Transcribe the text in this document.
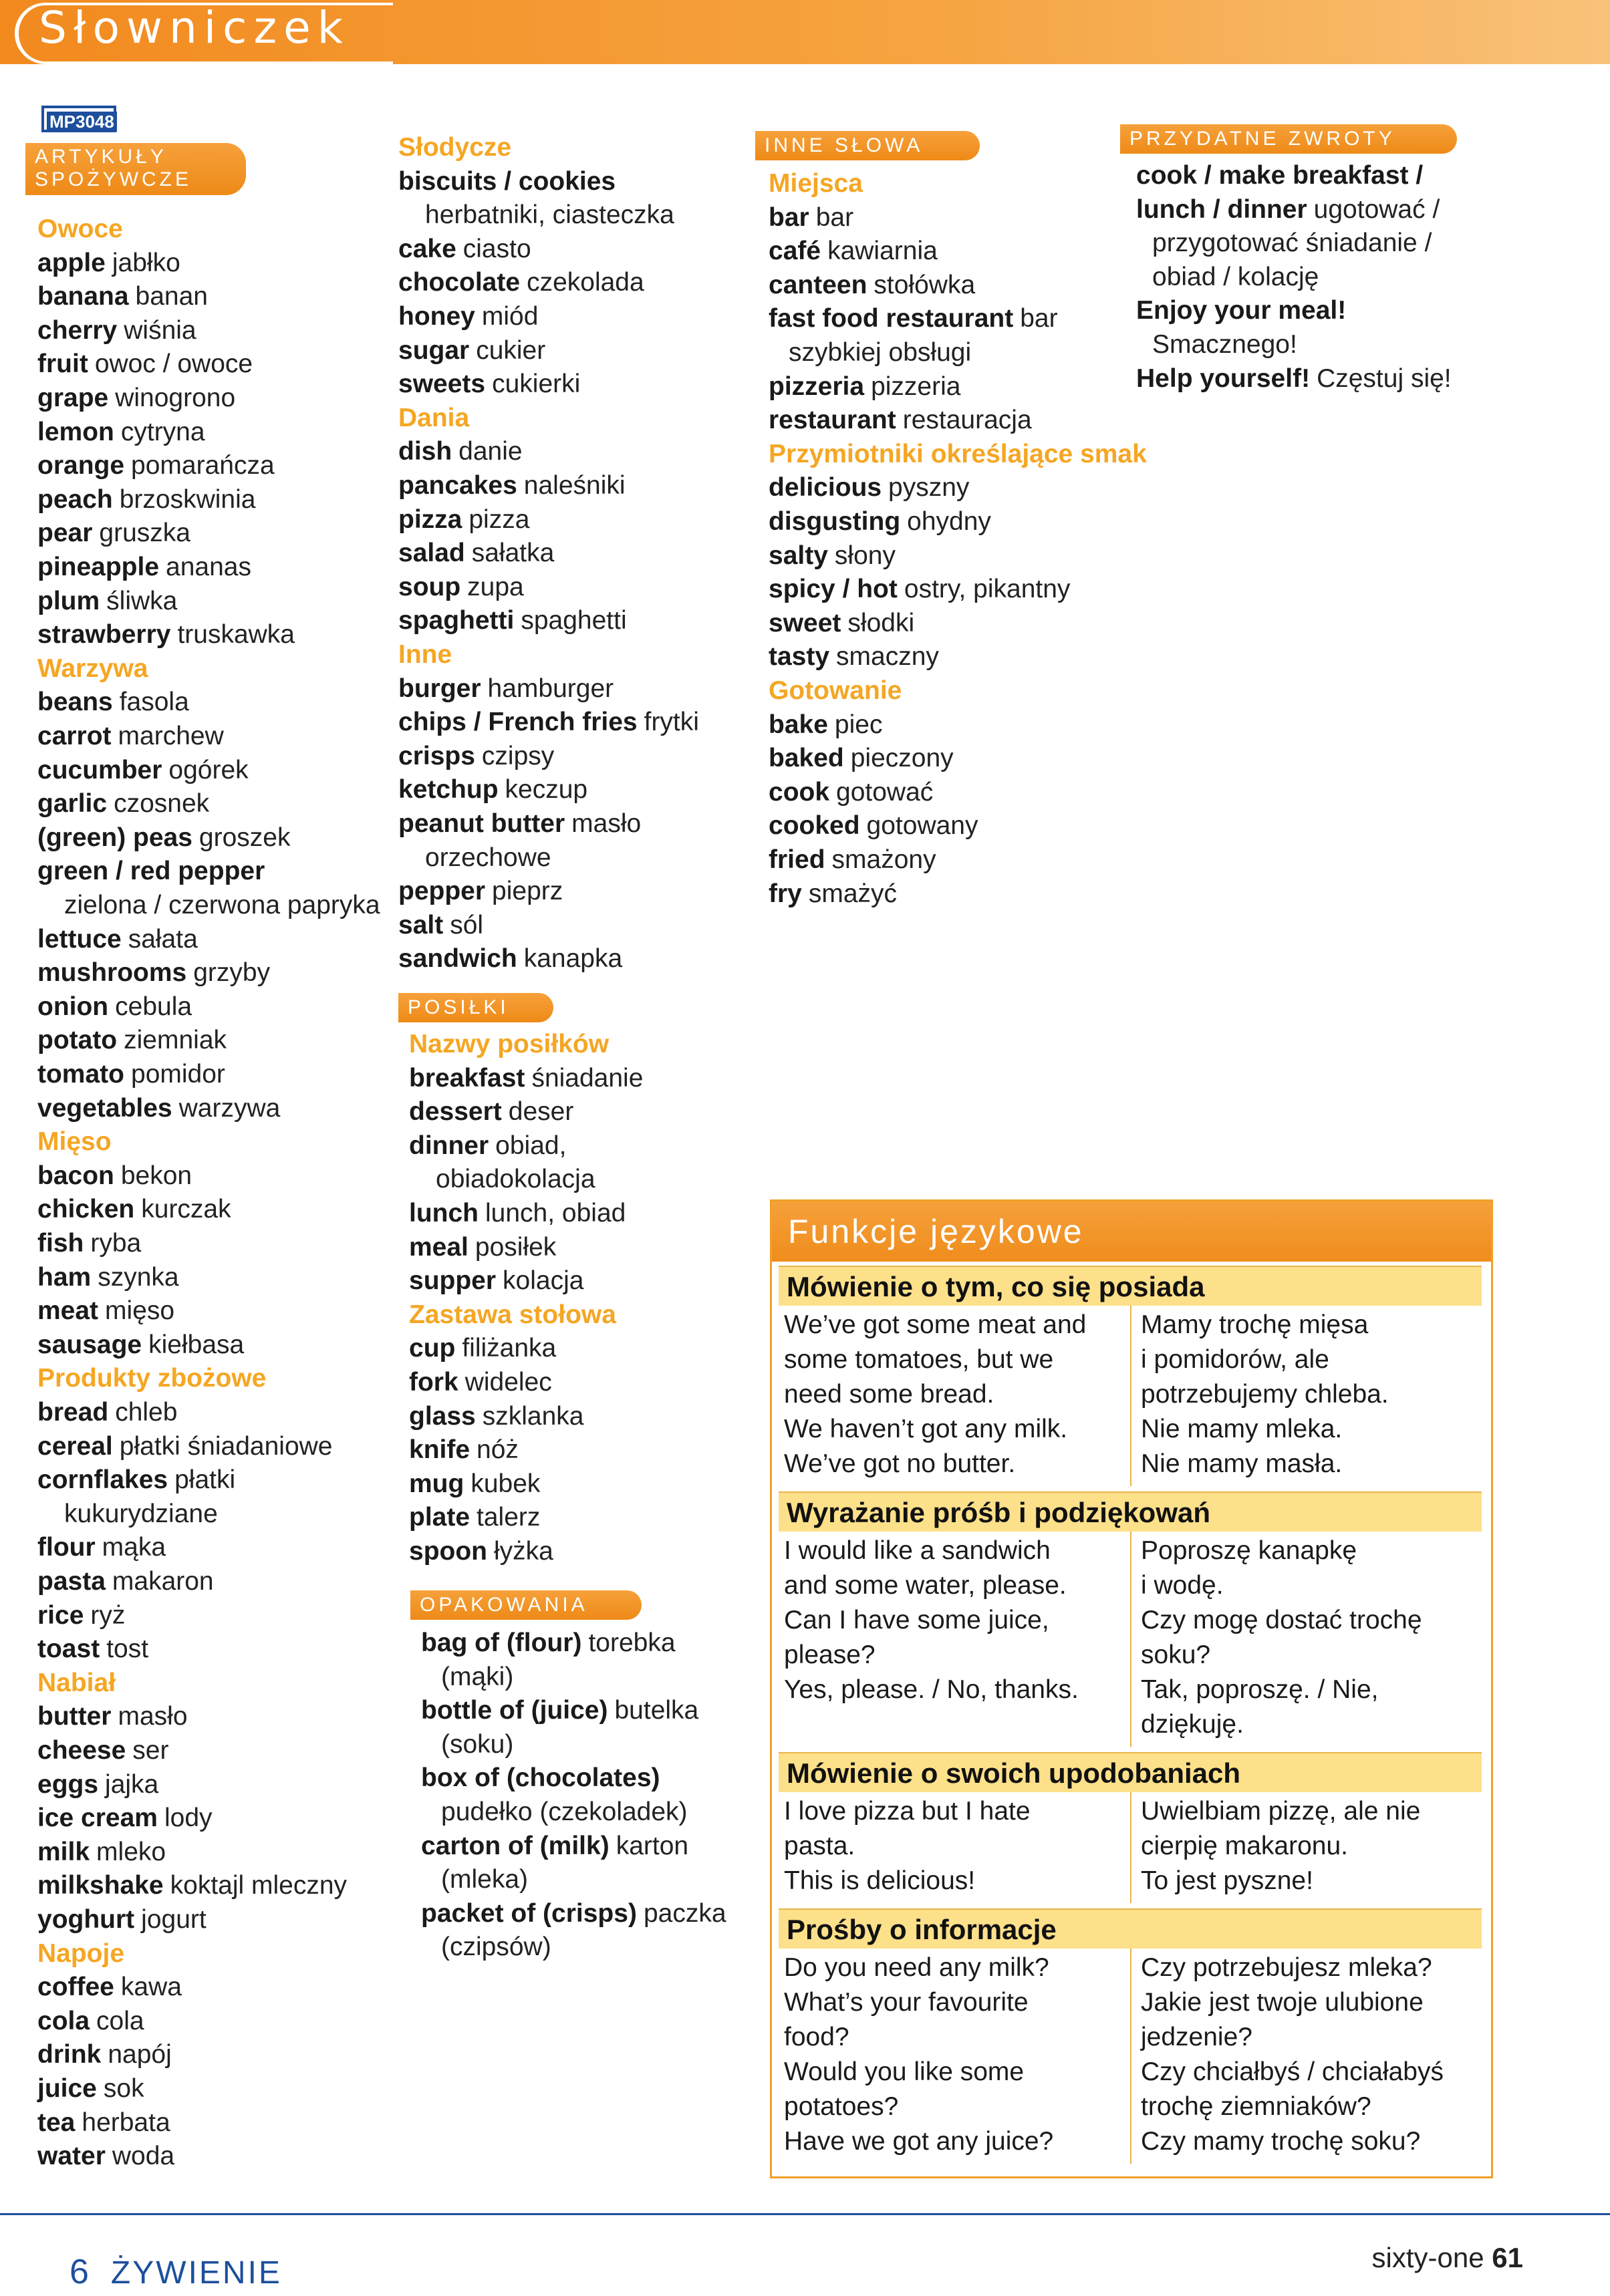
Słowniczek
MP3048
ARTYKUŁY SPOŻYWCZE
Owoce
apple jabłko
banana banan
cherry wiśnia
fruit owoc / owoce
grape winogrono
lemon cytryna
orange pomarańcza
peach brzoskwinia
pear gruszka
pineapple ananas
plum śliwka
strawberry truskawka
Warzywa
beans fasola
carrot marchew
cucumber ogórek
garlic czosnek
(green) peas groszek
green / red pepper
zielona / czerwona papryka
lettuce sałata
mushrooms grzyby
onion cebula
potato ziemniak
tomato pomidor
vegetables warzywa
Mięso
bacon bekon
chicken kurczak
fish ryba
ham szynka
meat mięso
sausage kiełbasa
Produkty zbożowe
bread chleb
cereal płatki śniadaniowe
cornflakes płatki
kukurydziane
flour mąka
pasta makaron
rice ryż
toast tost
Nabiał
butter masło
cheese ser
eggs jajka
ice cream lody
milk mleko
milkshake koktajl mleczny
yoghurt jogurt
Napoje
coffee kawa
cola cola
drink napój
juice sok
tea herbata
water woda
Słodycze
biscuits / cookies
herbatniki, ciasteczka
cake ciasto
chocolate czekolada
honey miód
sugar cukier
sweets cukierki
Dania
dish danie
pancakes naleśniki
pizza pizza
salad sałatka
soup zupa
spaghetti spaghetti
Inne
burger hamburger
chips / French fries frytki
crisps czipsy
ketchup keczup
peanut butter masło
orzechowe
pepper pieprz
salt sól
sandwich kanapka
POSIŁKI
Nazwy posiłków
breakfast śniadanie
dessert deser
dinner obiad,
obiadokolacja
lunch lunch, obiad
meal posiłek
supper kolacja
Zastawa stołowa
cup filiżanka
fork widelec
glass szklanka
knife nóż
mug kubek
plate talerz
spoon łyżka
OPAKOWANIA
bag of (flour) torebka
(mąki)
bottle of (juice) butelka
(soku)
box of (chocolates)
pudełko (czekoladek)
carton of (milk) karton
(mleka)
packet of (crisps) paczka
(czipsów)
INNE SŁOWA
Miejsca
bar bar
café kawiarnia
canteen stołówka
fast food restaurant bar
szybkiej obsługi
pizzeria pizzeria
restaurant restauracja
Przymiotniki określające smak
delicious pyszny
disgusting ohydny
salty słony
spicy / hot ostry, pikantny
sweet słodki
tasty smaczny
Gotowanie
bake piec
baked pieczony
cook gotować
cooked gotowany
fried smażony
fry smażyć
PRZYDATNE ZWROTY
cook / make breakfast /
lunch / dinner ugotować /
przygotować śniadanie /
obiad / kolację
Enjoy your meal!
Smacznego!
Help yourself! Częstuj się!
Funkcje językowe
Mówienie o tym, co się posiada
We’ve got some meat and
some tomatoes, but we
need some bread.
We haven’t got any milk.
We’ve got no butter.
Mamy trochę mięsa
i pomidorów, ale
potrzebujemy chleba.
Nie mamy mleka.
Nie mamy masła.
Wyrażanie próśb i podziękowań
I would like a sandwich
and some water, please.
Can I have some juice,
please?
Yes, please. / No, thanks.
Poproszę kanapkę
i wodę.
Czy mogę dostać trochę
soku?
Tak, poproszę. / Nie,
dziękuję.
Mówienie o swoich upodobaniach
I love pizza but I hate
pasta.
This is delicious!
Uwielbiam pizzę, ale nie
cierpię makaronu.
To jest pyszne!
Prośby o informacje
Do you need any milk?
What’s your favourite
food?
Would you like some
potatoes?
Have we got any juice?
Czy potrzebujesz mleka?
Jakie jest twoje ulubione
jedzenie?
Czy chciałbyś / chciałabyś
trochę ziemniaków?
Czy mamy trochę soku?
6 ŻYWIENIE	sixty-one 61
